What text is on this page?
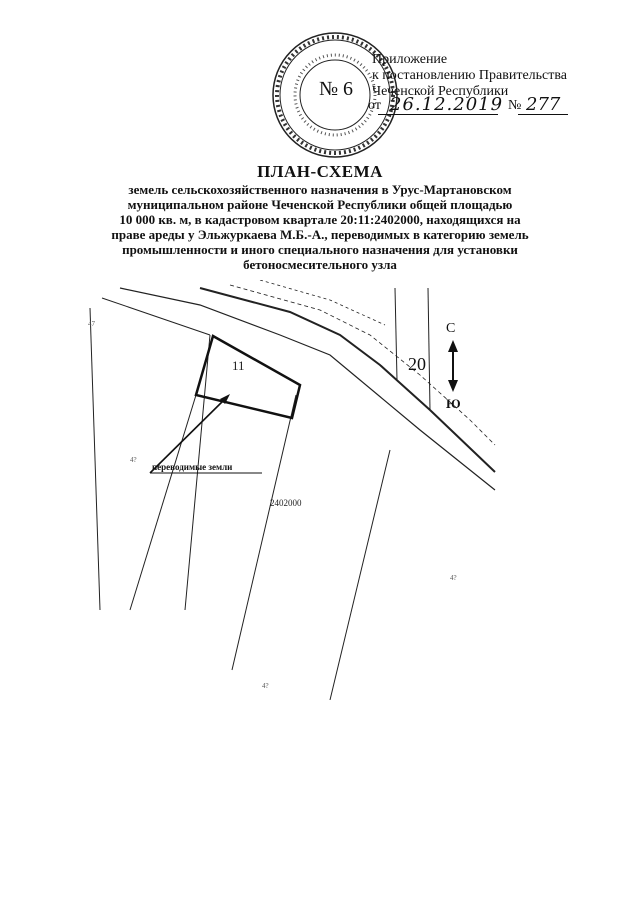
№ 6
Приложение
к постановлению Правительства
Чеченской Республики
от 26.12.2019 № 277
ПЛАН-СХЕМА
земель сельскохозяйственного назначения в Урус-Мартановском
муниципальном районе Чеченской Республики общей площадью
10 000 кв. м, в кадастровом квартале 20:11:2402000, находящихся на
праве ареды у Эльжуркаева М.Б.-А., переводимых в категорию земель
промышленности и иного специального назначения для установки
бетоносмесительного узла
11
переводимые земли
2402000
20
С
Ю
47
4?
4?
4?
